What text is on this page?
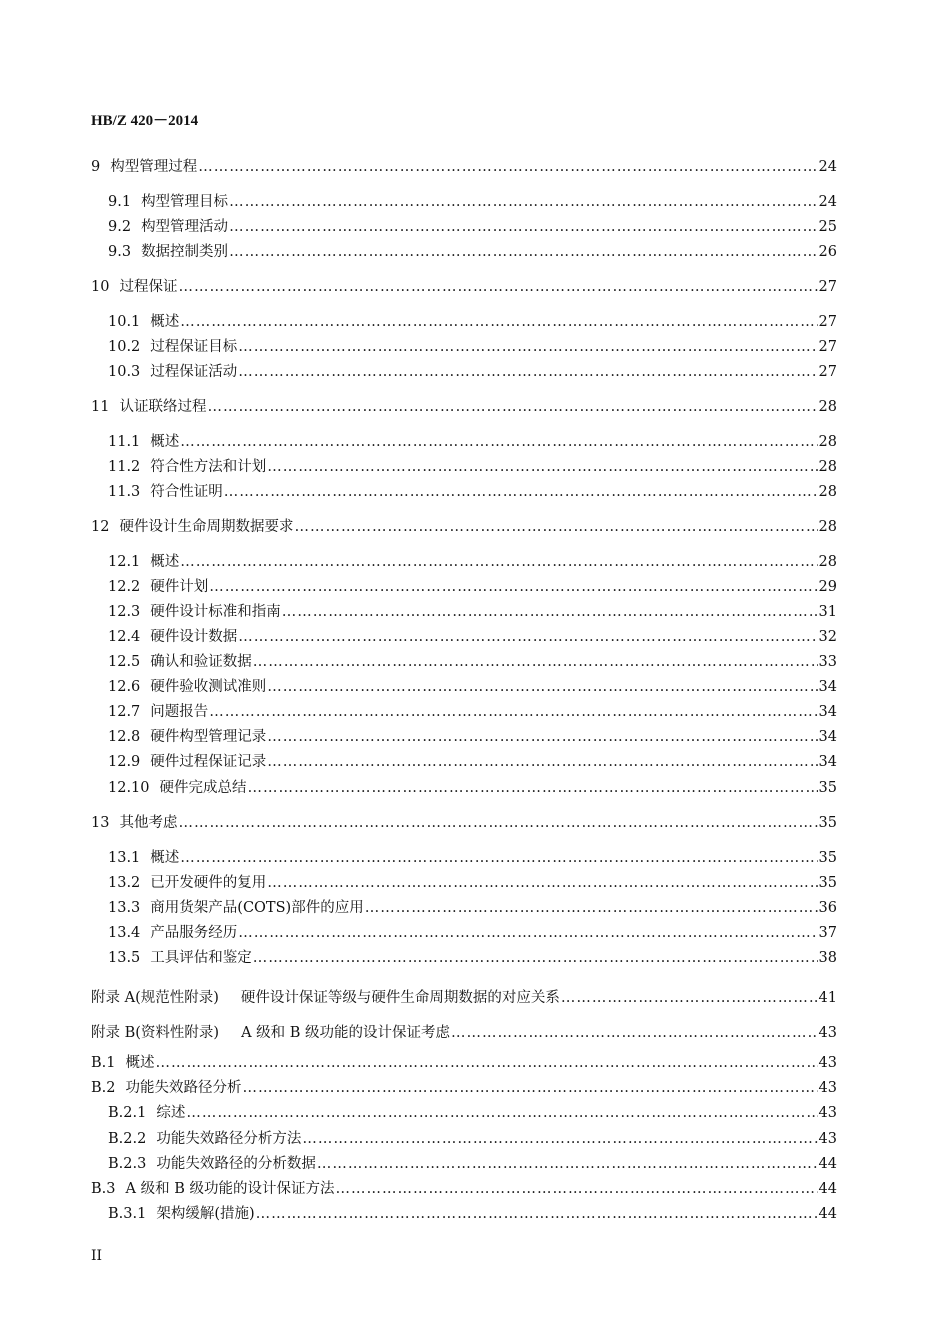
HB/Z 420－2014
9 构型管理过程 ……………………………………………………………………………………………………………………………………………………………………………………………………………………	24
9.1 构型管理目标 ……………………………………………………………………………………………………………………………………………………………………………………………………………………	24
9.2 构型管理活动 ……………………………………………………………………………………………………………………………………………………………………………………………………………………	25
9.3 数据控制类别 ……………………………………………………………………………………………………………………………………………………………………………………………………………………	26
10 过程保证 ……………………………………………………………………………………………………………………………………………………………………………………………………………………	27
10.1 概述 ……………………………………………………………………………………………………………………………………………………………………………………………………………………	27
10.2 过程保证目标 ……………………………………………………………………………………………………………………………………………………………………………………………………………………	27
10.3 过程保证活动 ……………………………………………………………………………………………………………………………………………………………………………………………………………………	27
11 认证联络过程 ……………………………………………………………………………………………………………………………………………………………………………………………………………………	28
11.1 概述 ……………………………………………………………………………………………………………………………………………………………………………………………………………………	28
11.2 符合性方法和计划 ……………………………………………………………………………………………………………………………………………………………………………………………………………………	28
11.3 符合性证明 ……………………………………………………………………………………………………………………………………………………………………………………………………………………	28
12 硬件设计生命周期数据要求 ……………………………………………………………………………………………………………………………………………………………………………………………………………………	28
12.1 概述 ……………………………………………………………………………………………………………………………………………………………………………………………………………………	28
12.2 硬件计划 ……………………………………………………………………………………………………………………………………………………………………………………………………………………	29
12.3 硬件设计标准和指南 ……………………………………………………………………………………………………………………………………………………………………………………………………………………	31
12.4 硬件设计数据 ……………………………………………………………………………………………………………………………………………………………………………………………………………………	32
12.5 确认和验证数据 ……………………………………………………………………………………………………………………………………………………………………………………………………………………	33
12.6 硬件验收测试准则 ……………………………………………………………………………………………………………………………………………………………………………………………………………………	34
12.7 问题报告 ……………………………………………………………………………………………………………………………………………………………………………………………………………………	34
12.8 硬件构型管理记录 ……………………………………………………………………………………………………………………………………………………………………………………………………………………	34
12.9 硬件过程保证记录 ……………………………………………………………………………………………………………………………………………………………………………………………………………………	34
12.10 硬件完成总结 ……………………………………………………………………………………………………………………………………………………………………………………………………………………	35
13 其他考虑 ……………………………………………………………………………………………………………………………………………………………………………………………………………………	35
13.1 概述 ……………………………………………………………………………………………………………………………………………………………………………………………………………………	35
13.2 已开发硬件的复用 ……………………………………………………………………………………………………………………………………………………………………………………………………………………	35
13.3 商用货架产品(COTS)部件的应用 ……………………………………………………………………………………………………………………………………………………………………………………………………………………	36
13.4 产品服务经历 ……………………………………………………………………………………………………………………………………………………………………………………………………………………	37
13.5 工具评估和鉴定 ……………………………………………………………………………………………………………………………………………………………………………………………………………………	38
附录 A(规范性附录) 硬件设计保证等级与硬件生命周期数据的对应关系 ……………………………………………………………………………………………………………………………………………………………………………………………………………………	41
附录 B(资料性附录) A 级和 B 级功能的设计保证考虑 ……………………………………………………………………………………………………………………………………………………………………………………………………………………	43
B.1 概述 ……………………………………………………………………………………………………………………………………………………………………………………………………………………	43
B.2 功能失效路径分析 ……………………………………………………………………………………………………………………………………………………………………………………………………………………	43
B.2.1 综述 ……………………………………………………………………………………………………………………………………………………………………………………………………………………	43
B.2.2 功能失效路径分析方法 ……………………………………………………………………………………………………………………………………………………………………………………………………………………	43
B.2.3 功能失效路径的分析数据 ……………………………………………………………………………………………………………………………………………………………………………………………………………………	44
B.3 A 级和 B 级功能的设计保证方法 ……………………………………………………………………………………………………………………………………………………………………………………………………………………	44
B.3.1 架构缓解(措施) ……………………………………………………………………………………………………………………………………………………………………………………………………………………	44
II
